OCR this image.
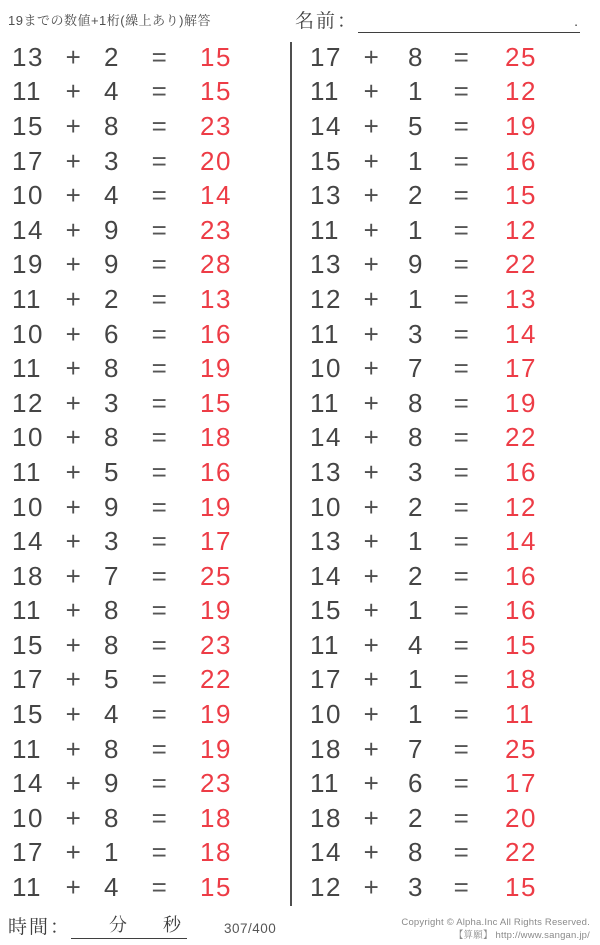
19までの数値+1桁(繰上あり)解答	名前：	.
13 + 2	=	15
11 + 4	=	15
15 + 8	=	23
17 + 3	=	20
10 + 4	=	14
14 + 9	=	23
19 + 9	=	28
11 + 2	=	13
10 + 6	=	16
11 + 8	=	19
12 + 3	=	15
10 + 8	=	18
11 + 5	=	16
10 + 9	=	19
14 + 3	=	17
18 + 7	=	25
11 + 8	=	19
15 + 8	=	23
17 + 5	=	22
15 + 4	=	19
11 + 8	=	19
14 + 9	=	23
10 + 8	=	18
17 + 1	=	18
11 + 4	=	15
17 +	8	=	25
11 +	1	=	12
14 +	5	=	19
15 +	1	=	16
13 +	2	=	15
11 +	1	=	12
13 +	9	=	22
12 +	1	=	13
11 +	3	=	14
10 +	7	=	17
11 +	8	=	19
14 +	8	=	22
13 +	3	=	16
10 +	2	=	12
13 +	1	=	14
14 +	2	=	16
15 +	1	=	16
11 +	4	=	15
17 +	1	=	18
10 +	1	=	11
18 +	7	=	25
11 +	6	=	17
18 +	2	=	20
14 +	8	=	22
12 +	3	=	15
時間： 分 秒	307/400	Copyright © Alpha.Inc All Rights Reserved.
【算願】 http://www.sangan.jp/
